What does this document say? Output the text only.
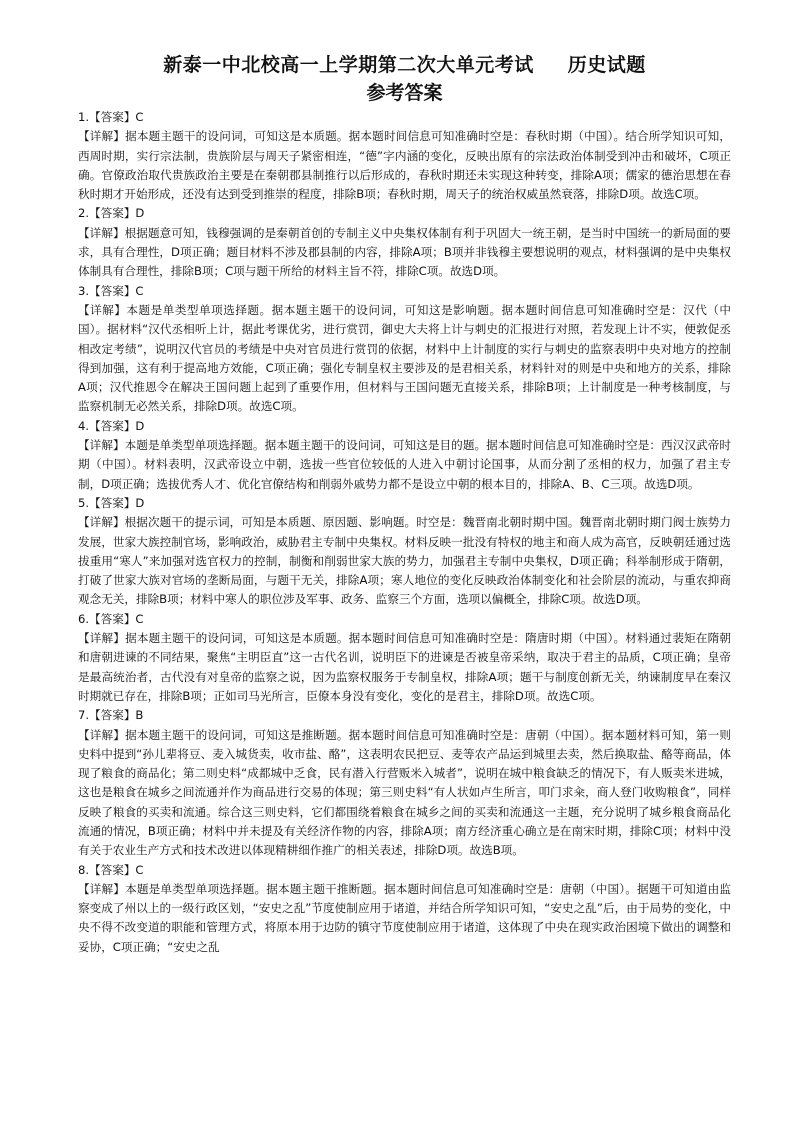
新泰一中北校高一上学期第二次大单元考试 历史试题
参考答案

1.【答案】C

【详解】据本题主题干的设问词，可知这是本质题。据本题时间信息可知准确时空是：春秋时期（中国）。结合所学知识可知，西周时期，实行宗法制，贵族阶层与周天子紧密相连，“德”字内涵的变化，反映出原有的宗法政治体制受到冲击和破坏，C项正确。官僚政治取代贵族政治主要是在秦朝郡县制推行以后形成的，春秋时期还未实现这种转变，排除A项；儒家的德治思想在春秋时期才开始形成，还没有达到受到推崇的程度，排除B项；春秋时期，周天子的统治权威虽然衰落，排除D项。故选C项。

2.【答案】D

【详解】根据题意可知，钱穆强调的是秦朝首创的专制主义中央集权体制有利于巩固大一统王朝，是当时中国统一的新局面的要求，具有合理性，D项正确；题目材料不涉及郡县制的内容，排除A项；B项并非钱穆主要想说明的观点，材料强调的是中央集权体制具有合理性，排除B项；C项与题干所给的材料主旨不符，排除C项。故选D项。

3.【答案】C

【详解】本题是单类型单项选择题。据本题主题干的设问词，可知这是影响题。据本题时间信息可知准确时空是：汉代（中国）。据材料“汉代丞相听上计，据此考课优劣，进行赏罚，御史大夫将上计与刺史的汇报进行对照，若发现上计不实，便敦促丞相改定考绩”，说明汉代官员的考绩是中央对官员进行赏罚的依据，材料中上计制度的实行与刺史的监察表明中央对地方的控制得到加强，这有利于提高地方效能，C项正确；强化专制皇权主要涉及的是君相关系，材料针对的则是中央和地方的关系，排除A项；汉代推恩令在解决王国问题上起到了重要作用，但材料与王国问题无直接关系，排除B项；上计制度是一种考核制度，与监察机制无必然关系，排除D项。故选C项。

4.【答案】D

【详解】本题是单类型单项选择题。据本题主题干的设问词，可知这是目的题。据本题时间信息可知准确时空是：西汉汉武帝时期（中国）。材料表明，汉武帝设立中朝，选拔一些官位较低的人进入中朝讨论国事，从而分割了丞相的权力，加强了君主专制，D项正确；选拔优秀人才、优化官僚结构和削弱外戚势力都不是设立中朝的根本目的，排除A、B、C三项。故选D项。

5.【答案】D

【详解】根据次题干的提示词，可知是本质题、原因题、影响题。时空是：魏晋南北朝时期中国。魏晋南北朝时期门阀士族势力发展，世家大族控制官场，影响政治，威胁君主专制中央集权。材料反映一批没有特权的地主和商人成为高官，反映朝廷通过选拔重用“寒人”来加强对选官权力的控制，制衡和削弱世家大族的势力，加强君主专制中央集权，D项正确；科举制形成于隋朝，打破了世家大族对官场的垄断局面，与题干无关，排除A项；寒人地位的变化反映政治体制变化和社会阶层的流动，与重农抑商观念无关，排除B项；材料中寒人的职位涉及军事、政务、监察三个方面，选项以偏概全，排除C项。故选D项。

6.【答案】C

【详解】据本题主题干的设问词，可知这是本质题。据本题时间信息可知准确时空是：隋唐时期（中国）。材料通过裴矩在隋朝和唐朝进谏的不同结果，聚焦“主明臣直”这一古代名训，说明臣下的进谏是否被皇帝采纳，取决于君主的品质，C项正确；皇帝是最高统治者，古代没有对皇帝的监察之说，因为监察权服务于专制皇权，排除A项；题干与制度创新无关，纳谏制度早在秦汉时期就已存在，排除B项；正如司马光所言，臣僚本身没有变化，变化的是君主，排除D项。故选C项。

7.【答案】B

【详解】据本题主题干的设问词，可知这是推断题。据本题时间信息可知准确时空是：唐朝（中国）。据本题材料可知，第一则史料中提到“孙儿辈将豆、麦入城货卖，收市盐、酪”，这表明农民把豆、麦等农产品运到城里去卖，然后换取盐、酪等商品，体现了粮食的商品化；第二则史料“成都城中乏食，民有潜入行营贩米入城者”，说明在城中粮食缺乏的情况下，有人贩卖米进城，这也是粮食在城乡之间流通并作为商品进行交易的体现；第三则史料“有人状如卢生所言，叩门求籴，商人登门收购粮食”，同样反映了粮食的买卖和流通。综合这三则史料，它们都围绕着粮食在城乡之间的买卖和流通这一主题，充分说明了城乡粮食商品化流通的情况，B项正确；材料中并未提及有关经济作物的内容，排除A项；南方经济重心确立是在南宋时期，排除C项；材料中没有关于农业生产方式和技术改进以体现精耕细作推广的相关表述，排除D项。故选B项。

8.【答案】C

【详解】本题是单类型单项选择题。据本题主题干推断题。据本题时间信息可知准确时空是：唐朝（中国）。据题干可知道由监察变成了州以上的一级行政区划，“安史之乱”节度使制应用于诸道，并结合所学知识可知，“安史之乱”后，由于局势的变化，中央不得不改变道的职能和管理方式，将原本用于边防的镇守节度使制应用于诸道，这体现了中央在现实政治困境下做出的调整和妥协，C项正确；“安史之乱
